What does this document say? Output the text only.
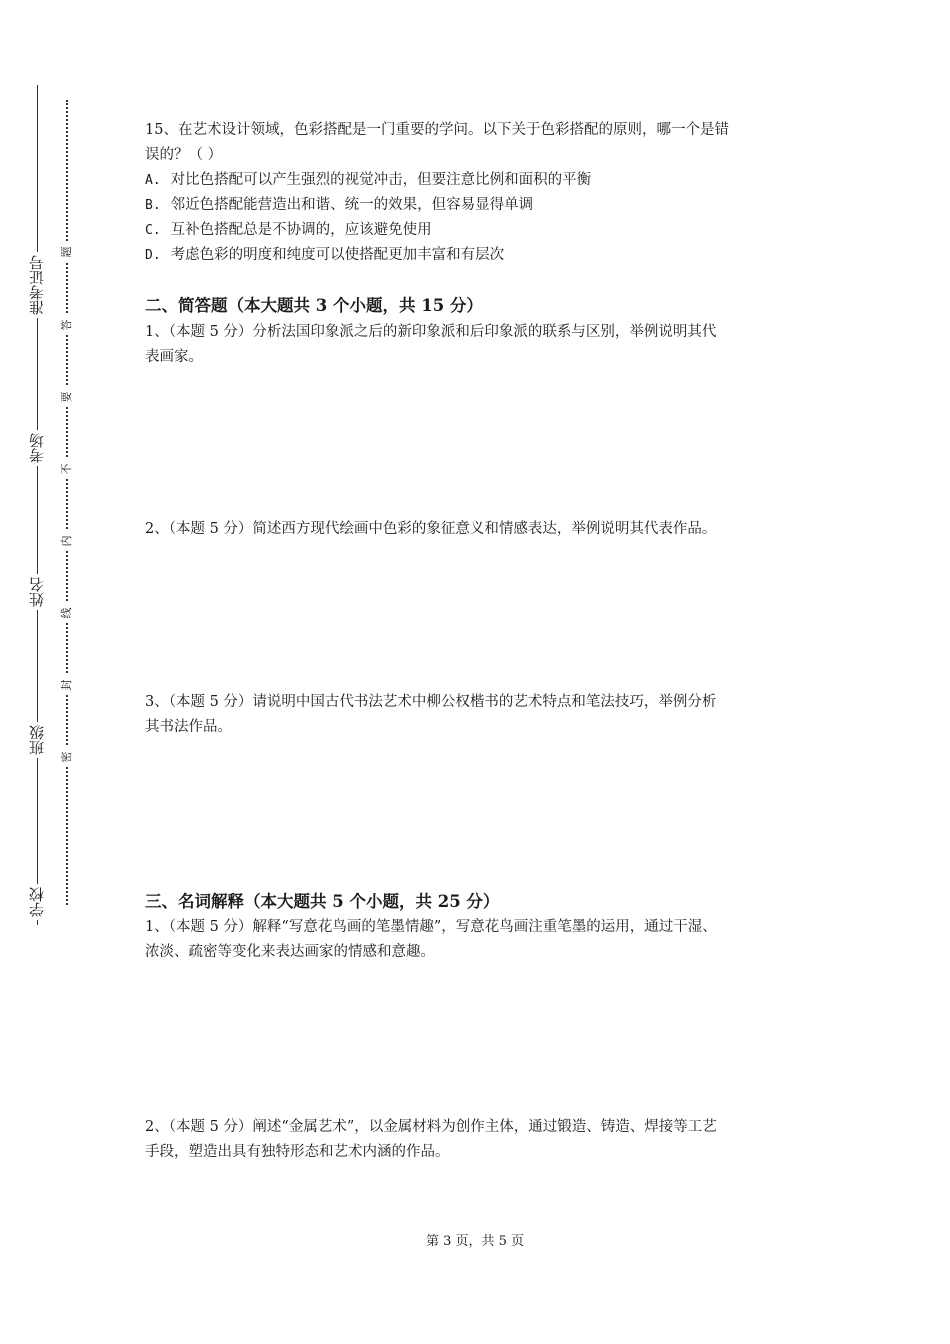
准考证号
考场
姓名
班级
学校
题
答
要
不
内
线
封
密
15、在艺术设计领域，色彩搭配是一门重要的学问。以下关于色彩搭配的原则，哪一个是错
误的？（ ）
A. 对比色搭配可以产生强烈的视觉冲击，但要注意比例和面积的平衡
B. 邻近色搭配能营造出和谐、统一的效果，但容易显得单调
C. 互补色搭配总是不协调的，应该避免使用
D. 考虑色彩的明度和纯度可以使搭配更加丰富和有层次
二、简答题（本大题共 3 个小题，共 15 分）
1、（本题 5 分）分析法国印象派之后的新印象派和后印象派的联系与区别，举例说明其代
表画家。
2、（本题 5 分）简述西方现代绘画中色彩的象征意义和情感表达，举例说明其代表作品。
3、（本题 5 分）请说明中国古代书法艺术中柳公权楷书的艺术特点和笔法技巧，举例分析
其书法作品。
三、名词解释（本大题共 5 个小题，共 25 分）
1、（本题 5 分）解释“写意花鸟画的笔墨情趣”，写意花鸟画注重笔墨的运用，通过干湿、
浓淡、疏密等变化来表达画家的情感和意趣。
2、（本题 5 分）阐述“金属艺术”，以金属材料为创作主体，通过锻造、铸造、焊接等工艺
手段，塑造出具有独特形态和艺术内涵的作品。
第 3 页，共 5 页
